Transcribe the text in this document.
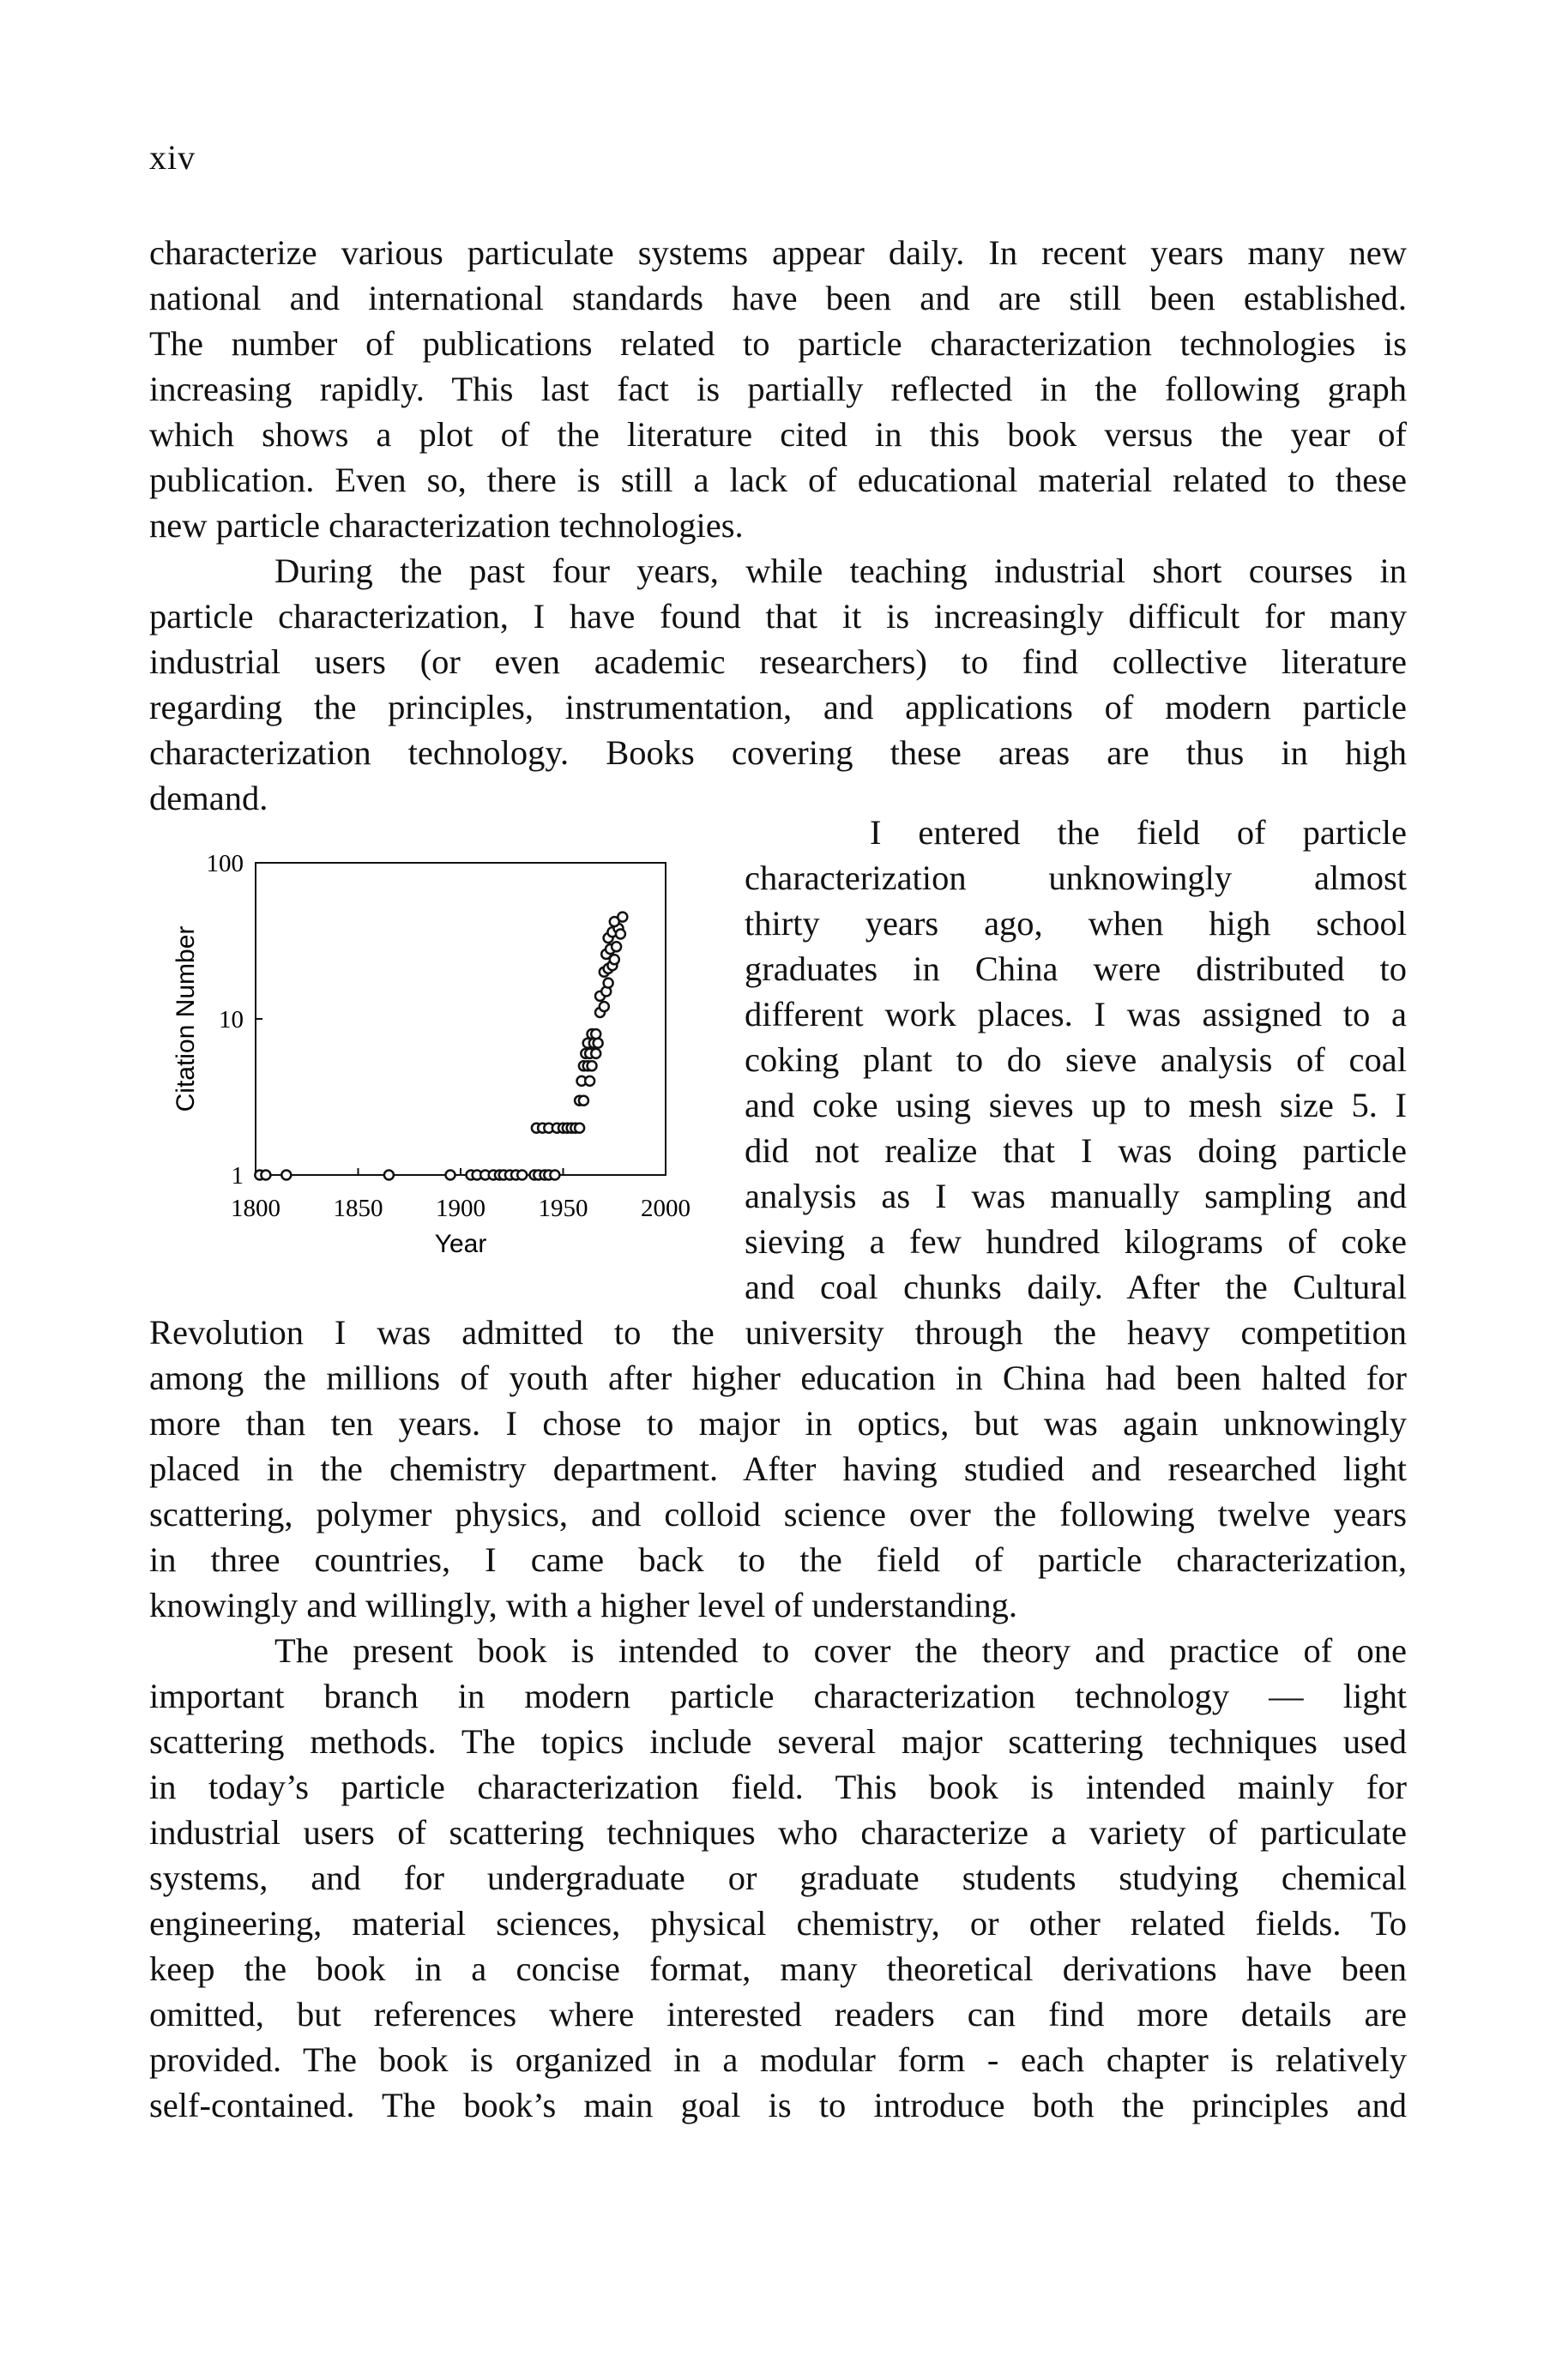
xiv
characterize various particulate systems appear daily. In recent years many new
national and international standards have been and are still been established.
The number of publications related to particle characterization technologies is
increasing rapidly. This last fact is partially reflected in the following graph
which shows a plot of the literature cited in this book versus the year of
publication. Even so, there is still a lack of educational material related to these
new particle characterization technologies.
During the past four years, while teaching industrial short courses in
particle characterization, I have found that it is increasingly difficult for many
industrial users (or even academic researchers) to find collective literature
regarding the principles, instrumentation, and applications of modern particle
characterization technology. Books covering these areas are thus in high
demand.
I entered the field of particle
characterization unknowingly almost
thirty years ago, when high school
graduates in China were distributed to
different work places. I was assigned to a
coking plant to do sieve analysis of coal
and coke using sieves up to mesh size 5. I
did not realize that I was doing particle
analysis as I was manually sampling and
sieving a few hundred kilograms of coke
and coal chunks daily. After the Cultural
Revolution I was admitted to the university through the heavy competition
among the millions of youth after higher education in China had been halted for
more than ten years. I chose to major in optics, but was again unknowingly
placed in the chemistry department. After having studied and researched light
scattering, polymer physics, and colloid science over the following twelve years
in three countries, I came back to the field of particle characterization,
knowingly and willingly, with a higher level of understanding.
The present book is intended to cover the theory and practice of one
important branch in modern particle characterization technology — light
scattering methods. The topics include several major scattering techniques used
in today’s particle characterization field. This book is intended mainly for
industrial users of scattering techniques who characterize a variety of particulate
systems, and for undergraduate or graduate students studying chemical
engineering, material sciences, physical chemistry, or other related fields. To
keep the book in a concise format, many theoretical derivations have been
omitted, but references where interested readers can find more details are
provided. The book is organized in a modular form - each chapter is relatively
self-contained. The book’s main goal is to introduce both the principles and
1800 1850 1900 1950 2000
1
10
100
Year
Citation Number
